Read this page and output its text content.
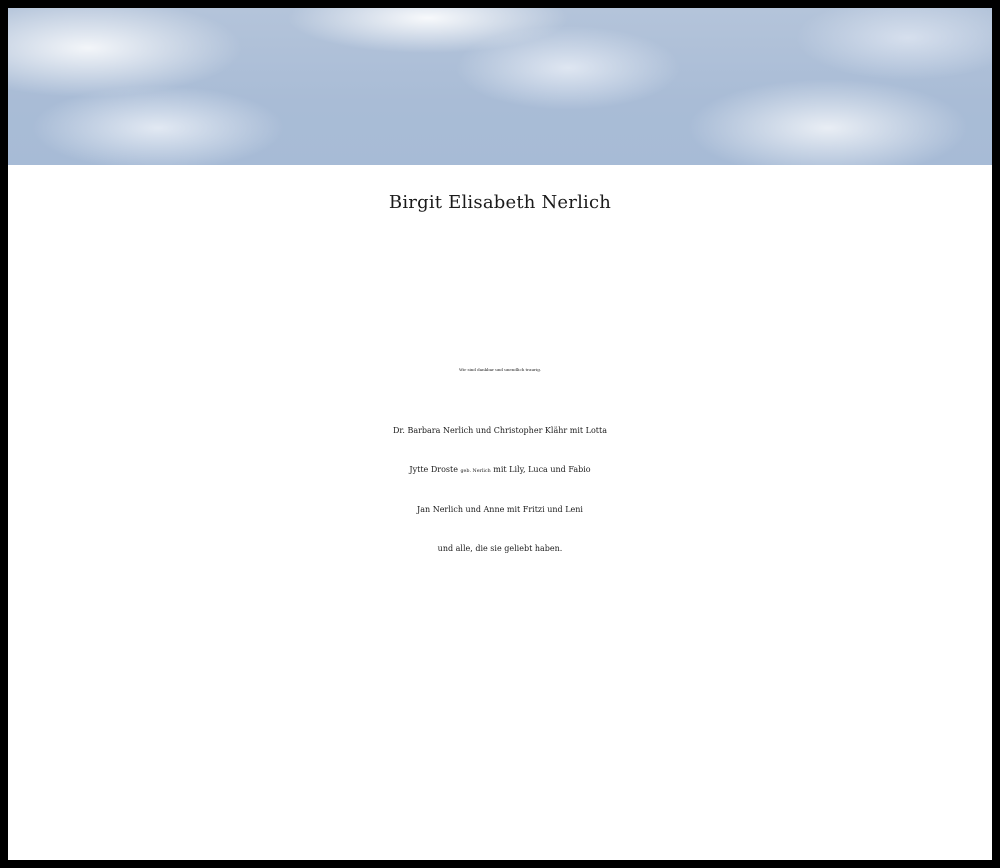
Birgit Elisabeth Nerlich
Wir sind dankbar und unendlich traurig.
Dr. Barbara Nerlich und Christopher Klähr mit Lotta
Jytte Droste geb. Nerlich mit Lily, Luca und Fabio
Jan Nerlich und Anne mit Fritzi und Leni
und alle, die sie geliebt haben.
